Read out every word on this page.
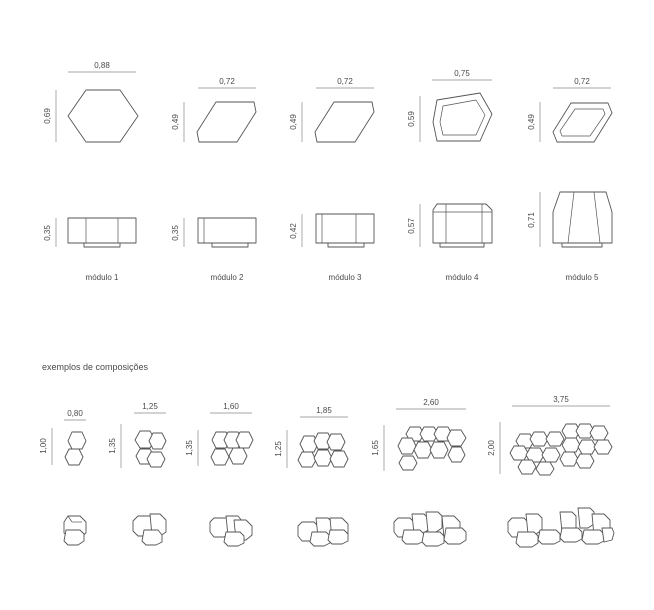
0,88
0,69
0,35
módulo 1
0,72
0,49
0,35
módulo 2
0,72
0,49
0,42
módulo 3
0,75
0,59
0,57
módulo 4
0,72
0,49
0,71
módulo 5
exemplos de composições
0,80
1,00
1,25
1,35
1,60
1,35
1,85
1,25
2,60
1,65
3,75
2,00
